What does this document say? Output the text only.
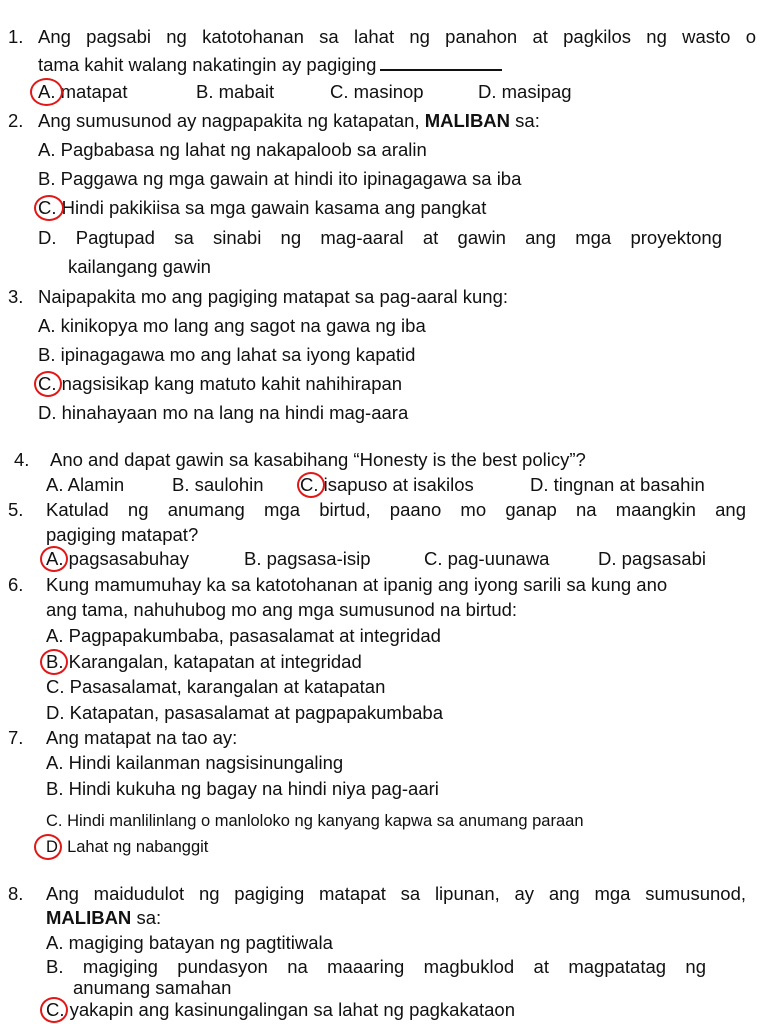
1. Ang pagsabi ng katotohanan sa lahat ng panahon at pagkilos ng wasto o
tama kahit walang nakatingin ay pagiging
A. matapat	B. mabait	C. masinop	D. masipag
2. Ang sumusunod ay nagpapakita ng katapatan, MALIBAN sa:
A. Pagbabasa ng lahat ng nakapaloob sa aralin
B. Paggawa ng mga gawain at hindi ito ipinagagawa sa iba
C. Hindi pakikiisa sa mga gawain kasama ang pangkat
D. Pagtupad sa sinabi ng mag-aaral at gawin ang mga proyektong
kailangang gawin
3. Naipapakita mo ang pagiging matapat sa pag-aaral kung:
A. kinikopya mo lang ang sagot na gawa ng iba
B. ipinagagawa mo ang lahat sa iyong kapatid
C. nagsisikap kang matuto kahit nahihirapan
D. hinahayaan mo na lang na hindi mag-aara
4. Ano and dapat gawin sa kasabihang “Honesty is the best policy”?
A. Alamin	B. saulohin C. isapuso at isakilos	D. tingnan at basahin
5.	Katulad ng anumang mga birtud, paano mo ganap na maangkin ang
pagiging matapat?
A. pagsasabuhay	B. pagsasa-isip	C. pag-uunawa	D. pagsasabi
6.	Kung mamumuhay ka sa katotohanan at ipanig ang iyong sarili sa kung ano
ang tama, nahuhubog mo ang mga sumusunod na birtud:
A. Pagpapakumbaba, pasasalamat at integridad
B. Karangalan, katapatan at integridad
C. Pasasalamat, karangalan at katapatan
D. Katapatan, pasasalamat at pagpapakumbaba
7. Ang matapat na tao ay:
A. Hindi kailanman nagsisinungaling
B. Hindi kukuha ng bagay na hindi niya pag-aari
C. Hindi manlilinlang o manloloko ng kanyang kapwa sa anumang paraan
D. Lahat ng nabanggit
8.	Ang maidudulot ng pagiging matapat sa lipunan, ay ang mga sumusunod,
MALIBAN sa:
A. magiging batayan ng pagtitiwala
B. magiging pundasyon na maaaring magbuklod at magpatatag ng
anumang samahan
C. yakapin ang kasinungalingan sa lahat ng pagkakataon
